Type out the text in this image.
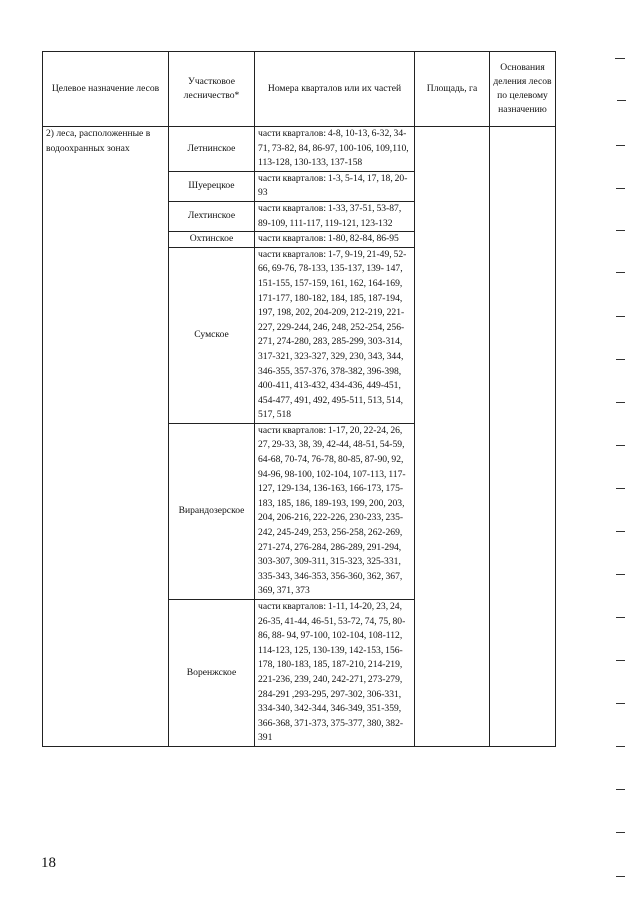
Целевое назначение лесов	Участковое лесничество*	Номера кварталов или их частей	Площадь, га	Основания деления лесов по целевому назначению
2) леса, расположенные в водоохранных зонах	Летнинское	части кварталов: 4-8, 10-13, 6-32, 34-71, 73-82, 84, 86-97, 100-106, 109,110, 113-128, 130-133, 137-158		
	Шуерецкое	части кварталов: 1-3, 5-14, 17, 18, 20-93		
	Лехтинское	части кварталов: 1-33, 37-51, 53-87, 89-109, 111-117, 119-121, 123-132		
	Охтинское	части кварталов: 1-80, 82-84, 86-95		
	Сумское	части кварталов: 1-7, 9-19, 21-49, 52-66, 69-76, 78-133, 135-137, 139- 147, 151-155, 157-159, 161, 162, 164-169, 171-177, 180-182, 184, 185, 187-194, 197, 198, 202, 204-209, 212-219, 221-227, 229-244, 246, 248, 252-254, 256-271, 274-280, 283, 285-299, 303-314, 317-321, 323-327, 329, 230, 343, 344, 346-355, 357-376, 378-382, 396-398, 400-411, 413-432, 434-436, 449-451, 454-477, 491, 492, 495-511, 513, 514, 517, 518		
	Вирандозерское	части кварталов: 1-17, 20, 22-24, 26, 27, 29-33, 38, 39, 42-44, 48-51, 54-59, 64-68, 70-74, 76-78, 80-85, 87-90, 92, 94-96, 98-100, 102-104, 107-113, 117-127, 129-134, 136-163, 166-173, 175-183, 185, 186, 189-193, 199, 200, 203, 204, 206-216, 222-226, 230-233, 235-242, 245-249, 253, 256-258, 262-269, 271-274, 276-284, 286-289, 291-294, 303-307, 309-311, 315-323, 325-331, 335-343, 346-353, 356-360, 362, 367, 369, 371, 373		
	Воренжское	части кварталов: 1-11, 14-20, 23, 24, 26-35, 41-44, 46-51, 53-72, 74, 75, 80-86, 88- 94, 97-100, 102-104, 108-112, 114-123, 125, 130-139, 142-153, 156-178, 180-183, 185, 187-210, 214-219, 221-236, 239, 240, 242-271, 273-279, 284-291 ,293-295, 297-302, 306-331, 334-340, 342-344, 346-349, 351-359, 366-368, 371-373, 375-377, 380, 382-391		
18
